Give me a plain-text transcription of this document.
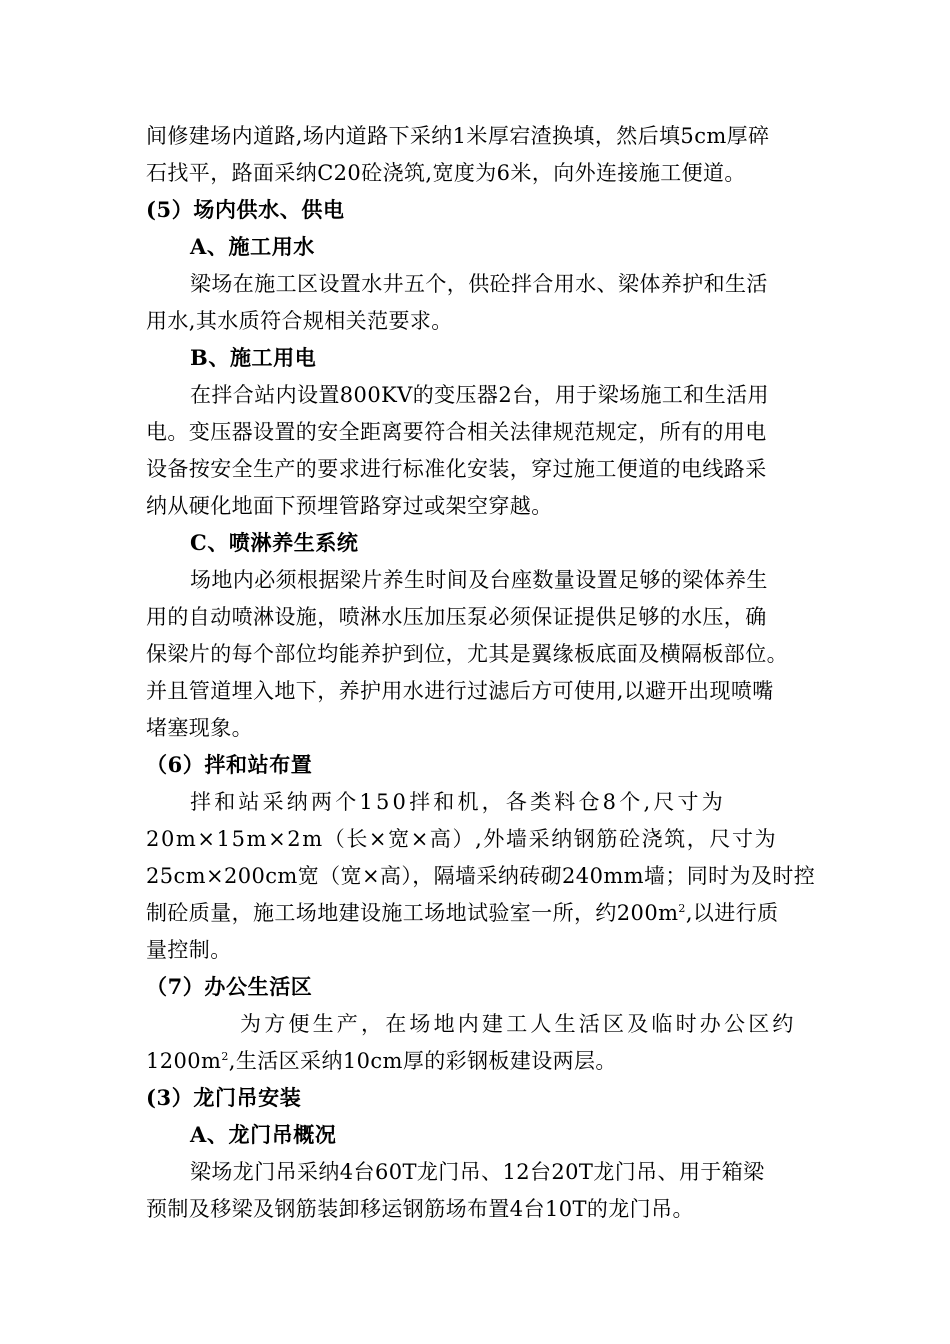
间修建场内道路,场内道路下采纳1米厚宕渣换填，然后填5cm厚碎
石找平，路面采纳C20砼浇筑,宽度为6米，向外连接施工便道。
(5）场内供水、供电
A、施工用水
梁场在施工区设置水井五个，供砼拌合用水、梁体养护和生活
用水,其水质符合规相关范要求。
B、施工用电
在拌合站内设置800KV的变压器2台，用于梁场施工和生活用
电。变压器设置的安全距离要符合相关法律规范规定，所有的用电
设备按安全生产的要求进行标准化安装，穿过施工便道的电线路采
纳从硬化地面下预埋管路穿过或架空穿越。
C、喷淋养生系统
场地内必须根据梁片养生时间及台座数量设置足够的梁体养生
用的自动喷淋设施，喷淋水压加压泵必须保证提供足够的水压，确
保梁片的每个部位均能养护到位，尤其是翼缘板底面及横隔板部位。
并且管道埋入地下，养护用水进行过滤后方可使用,以避开出现喷嘴
堵塞现象。
（6）拌和站布置
拌和站采纳两个150拌和机，各类料仓8个,尺寸为
20m×15m×2m（长×宽×高）,外墙采纳钢筋砼浇筑，尺寸为
25cm×200cm宽（宽×高），隔墙采纳砖砌240mm墙；同时为及时控
制砼质量，施工场地建设施工场地试验室一所，约$200m^2$,以进行质
量控制。
（7）办公生活区
为方便生产，在场地内建工人生活区及临时办公区约
$1200m^2$,生活区采纳10cm厚的彩钢板建设两层。
(3）龙门吊安装
A、龙门吊概况
梁场龙门吊采纳4台60T龙门吊、12台20T龙门吊、用于箱梁
预制及移梁及钢筋装卸移运钢筋场布置4台10T的龙门吊。
